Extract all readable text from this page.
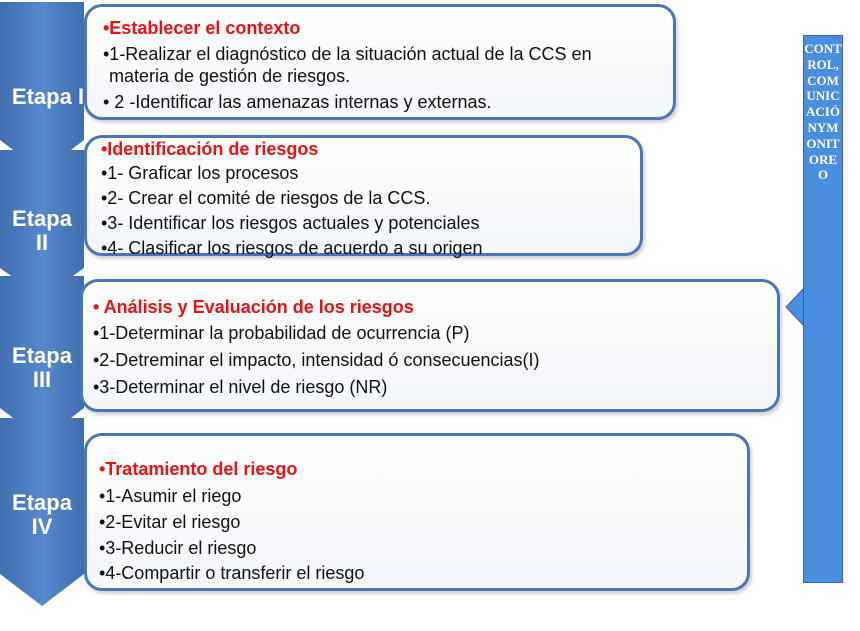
Etapa I
Etapa
II
Etapa
III
Etapa
IV
•Establecer el contexto
•1-Realizar el diagnóstico de la situación actual de la CCS en
materia de gestión de riesgos.
• 2 -Identificar las amenazas internas y externas.
•Identificación de riesgos
•1- Graficar los procesos
•2- Crear el comité de riesgos de la CCS.
•3- Identificar los riesgos actuales y potenciales
•4- Clasificar los riesgos de acuerdo a su origen
• Análisis y Evaluación de los riesgos
•1-Determinar la probabilidad de ocurrencia (P)
•2-Detreminar el impacto, intensidad ó consecuencias(I)
•3-Determinar el nivel de riesgo (NR)
•Tratamiento del riesgo
•1-Asumir el riego
•2-Evitar el riesgo
•3-Reducir el riesgo
•4-Compartir o transferir el riesgo
CONTROL,COMUNICACIÓNYMONITOREO
